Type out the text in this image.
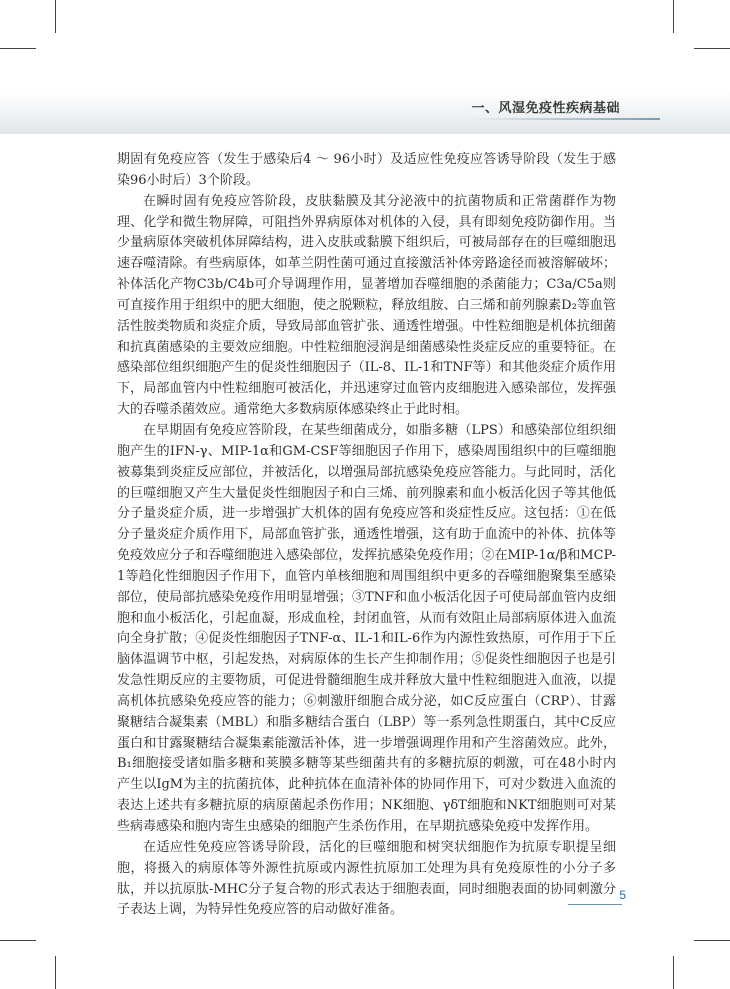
一、风湿免疫性疾病基础

期固有免疫应答（发生于感染后4 ～ 96小时）及适应性免疫应答诱导阶段（发生于感染96小时后）3个阶段。

在瞬时固有免疫应答阶段，皮肤黏膜及其分泌液中的抗菌物质和正常菌群作为物理、化学和微生物屏障，可阻挡外界病原体对机体的入侵，具有即刻免疫防御作用。当少量病原体突破机体屏障结构，进入皮肤或黏膜下组织后，可被局部存在的巨噬细胞迅速吞噬清除。有些病原体，如革兰阴性菌可通过直接激活补体旁路途径而被溶解破坏；补体活化产物C3b/C4b可介导调理作用，显著增加吞噬细胞的杀菌能力；C3a/C5a则可直接作用于组织中的肥大细胞，使之脱颗粒，释放组胺、白三烯和前列腺素D₂等血管活性胺类物质和炎症介质，导致局部血管扩张、通透性增强。中性粒细胞是机体抗细菌和抗真菌感染的主要效应细胞。中性粒细胞浸润是细菌感染性炎症反应的重要特征。在感染部位组织细胞产生的促炎性细胞因子（IL-8、IL-1和TNF等）和其他炎症介质作用下，局部血管内中性粒细胞可被活化，并迅速穿过血管内皮细胞进入感染部位，发挥强大的吞噬杀菌效应。通常绝大多数病原体感染终止于此时相。

在早期固有免疫应答阶段，在某些细菌成分，如脂多糖（LPS）和感染部位组织细胞产生的IFN-γ、MIP-1α和GM-CSF等细胞因子作用下，感染周围组织中的巨噬细胞被募集到炎症反应部位，并被活化，以增强局部抗感染免疫应答能力。与此同时，活化的巨噬细胞又产生大量促炎性细胞因子和白三烯、前列腺素和血小板活化因子等其他低分子量炎症介质，进一步增强扩大机体的固有免疫应答和炎症性反应。这包括：①在低分子量炎症介质作用下，局部血管扩张，通透性增强，这有助于血流中的补体、抗体等免疫效应分子和吞噬细胞进入感染部位，发挥抗感染免疫作用；②在MIP-1α/β和MCP-1等趋化性细胞因子作用下，血管内单核细胞和周围组织中更多的吞噬细胞聚集至感染部位，使局部抗感染免疫作用明显增强；③TNF和血小板活化因子可使局部血管内皮细胞和血小板活化，引起血凝，形成血栓，封闭血管，从而有效阻止局部病原体进入血流向全身扩散；④促炎性细胞因子TNF-α、IL-1和IL-6作为内源性致热原，可作用于下丘脑体温调节中枢，引起发热，对病原体的生长产生抑制作用；⑤促炎性细胞因子也是引发急性期反应的主要物质，可促进骨髓细胞生成并释放大量中性粒细胞进入血液，以提高机体抗感染免疫应答的能力；⑥刺激肝细胞合成分泌，如C反应蛋白（CRP）、甘露聚糖结合凝集素（MBL）和脂多糖结合蛋白（LBP）等一系列急性期蛋白，其中C反应蛋白和甘露聚糖结合凝集素能激活补体，进一步增强调理作用和产生溶菌效应。此外，B₁细胞接受诸如脂多糖和荚膜多糖等某些细菌共有的多糖抗原的刺激，可在48小时内产生以IgM为主的抗菌抗体，此种抗体在血清补体的协同作用下，可对少数进入血流的表达上述共有多糖抗原的病原菌起杀伤作用；NK细胞、γδT细胞和NKT细胞则可对某些病毒感染和胞内寄生虫感染的细胞产生杀伤作用，在早期抗感染免疫中发挥作用。

在适应性免疫应答诱导阶段，活化的巨噬细胞和树突状细胞作为抗原专职提呈细胞，将摄入的病原体等外源性抗原或内源性抗原加工处理为具有免疫原性的小分子多肽，并以抗原肽-MHC分子复合物的形式表达于细胞表面，同时细胞表面的协同刺激分子表达上调，为特异性免疫应答的启动做好准备。

5
